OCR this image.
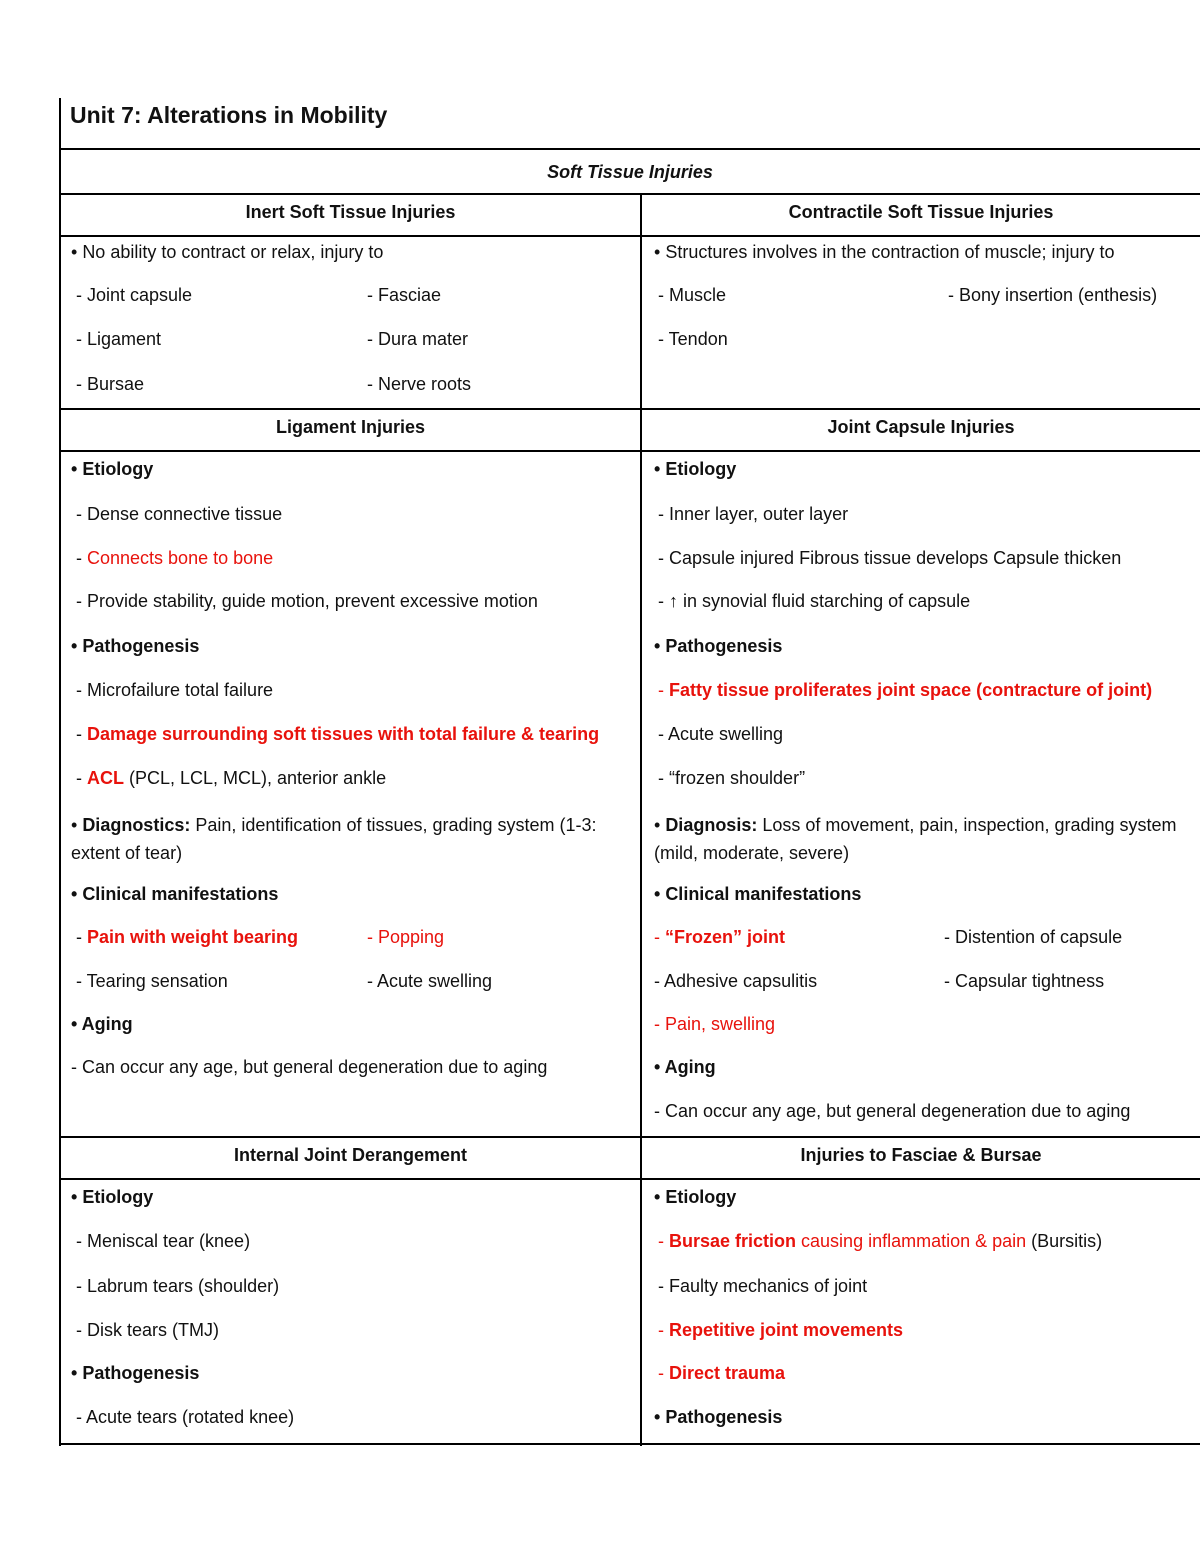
Unit 7: Alterations in Mobility
Soft Tissue Injuries
Inert Soft Tissue Injuries	Contractile Soft Tissue Injuries
• No ability to contract or relax, injury to
- Joint capsule	- Fasciae
- Ligament	- Dura mater
- Bursae	- Nerve roots
• Structures involves in the contraction of muscle; injury to
- Muscle	- Bony insertion (enthesis)
- Tendon
Ligament Injuries	Joint Capsule Injuries
• Etiology
- Dense connective tissue
- Connects bone to bone
- Provide stability, guide motion, prevent excessive motion
• Pathogenesis
- Microfailure total failure
- Damage surrounding soft tissues with total failure & tearing
- ACL (PCL, LCL, MCL), anterior ankle
• Diagnostics: Pain, identification of tissues, grading system (1-3: extent of tear)
• Clinical manifestations
- Pain with weight bearing	- Popping
- Tearing sensation	- Acute swelling
• Aging
- Can occur any age, but general degeneration due to aging
• Etiology
- Inner layer, outer layer
- Capsule injured Fibrous tissue develops Capsule thicken
- ↑ in synovial fluid starching of capsule
• Pathogenesis
- Fatty tissue proliferates joint space (contracture of joint)
- Acute swelling
- “frozen shoulder”
• Diagnosis: Loss of movement, pain, inspection, grading system (mild, moderate, severe)
• Clinical manifestations
- “Frozen” joint	- Distention of capsule
- Adhesive capsulitis	- Capsular tightness
- Pain, swelling
• Aging
- Can occur any age, but general degeneration due to aging
Internal Joint Derangement	Injuries to Fasciae & Bursae
• Etiology
- Meniscal tear (knee)
- Labrum tears (shoulder)
- Disk tears (TMJ)
• Pathogenesis
- Acute tears (rotated knee)
• Etiology
- Bursae friction causing inflammation & pain (Bursitis)
- Faulty mechanics of joint
- Repetitive joint movements
- Direct trauma
• Pathogenesis
